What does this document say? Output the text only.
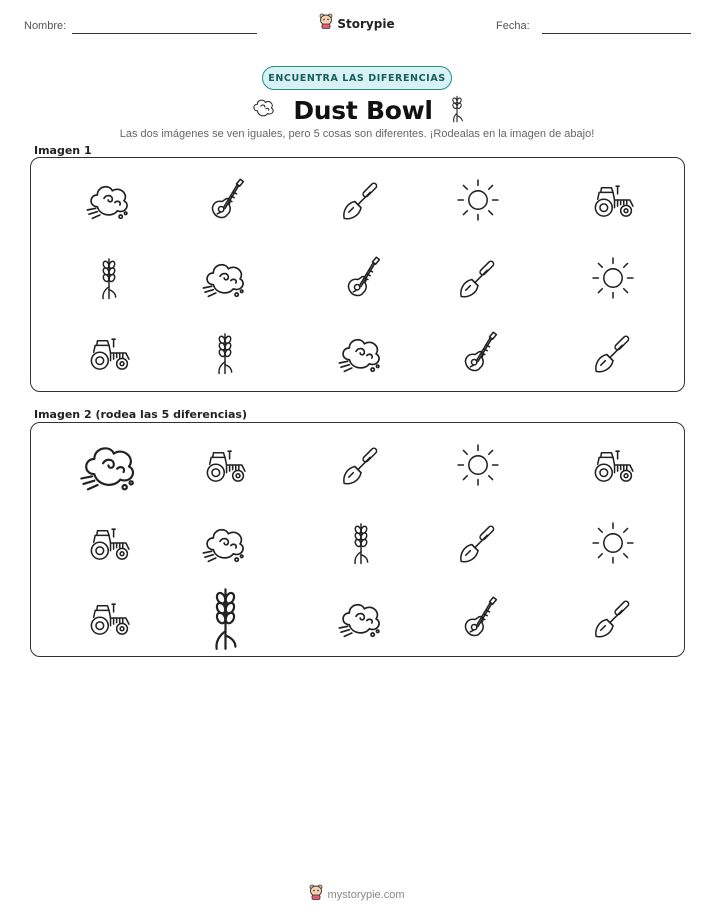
Nombre:	Storypie	Fecha:
ENCUENTRA LAS DIFERENCIAS
Dust Bowl
Las dos imágenes se ven iguales, pero 5 cosas son diferentes. ¡Rodealas en la imagen de abajo!
Imagen 1
Imagen 2 (rodea las 5 diferencias)
mystorypie.com
